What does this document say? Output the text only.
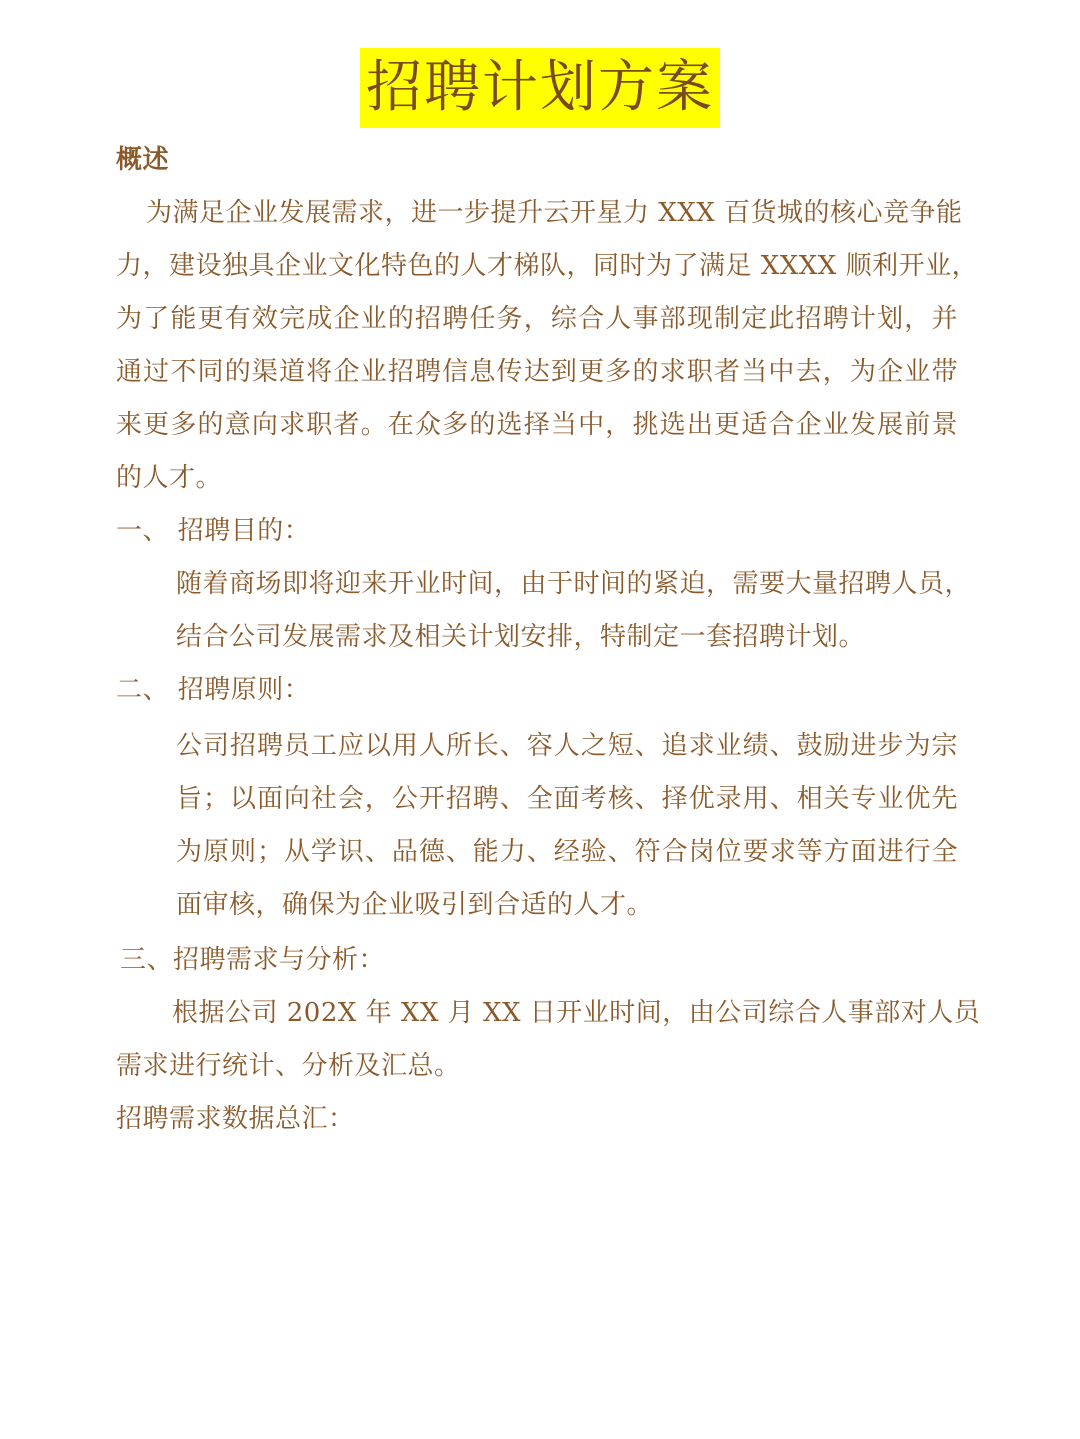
招聘计划方案
概述
为满足企业发展需求，进一步提升云开星力 XXX 百货城的核心竞争能
力，建设独具企业文化特色的人才梯队，同时为了满足 XXXX 顺利开业，
为了能更有效完成企业的招聘任务，综合人事部现制定此招聘计划，并
通过不同的渠道将企业招聘信息传达到更多的求职者当中去，为企业带
来更多的意向求职者。在众多的选择当中，挑选出更适合企业发展前景
的人才。
一、 招聘目的：
随着商场即将迎来开业时间，由于时间的紧迫，需要大量招聘人员，
结合公司发展需求及相关计划安排，特制定一套招聘计划。
二、 招聘原则：
公司招聘员工应以用人所长、容人之短、追求业绩、鼓励进步为宗
旨；以面向社会，公开招聘、全面考核、择优录用、相关专业优先
为原则；从学识、品德、能力、经验、符合岗位要求等方面进行全
面审核，确保为企业吸引到合适的人才。
三、招聘需求与分析：
根据公司 202X 年 XX 月 XX 日开业时间，由公司综合人事部对人员
需求进行统计、分析及汇总。
招聘需求数据总汇：
